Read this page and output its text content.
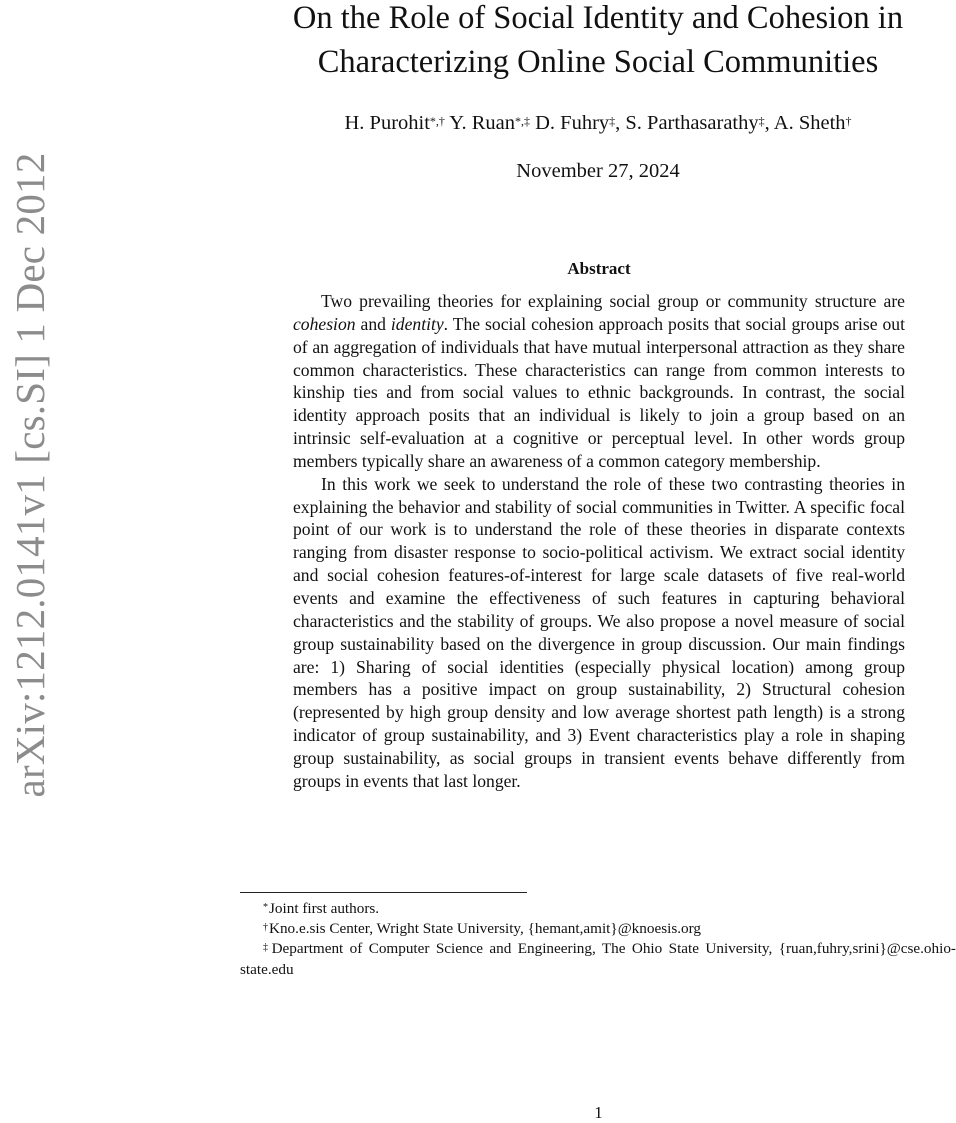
arXiv:1212.0141v1 [cs.SI] 1 Dec 2012
On the Role of Social Identity and Cohesion in
Characterizing Online Social Communities
H. Purohit*,† Y. Ruan*,‡ D. Fuhry‡, S. Parthasarathy‡, A. Sheth†
November 27, 2024
Abstract

Two prevailing theories for explaining social group or community structure are cohesion and identity. The social cohesion approach posits that social groups arise out of an aggregation of individuals that have mutual interpersonal attraction as they share common characteristics. These characteristics can range from common interests to kinship ties and from social values to ethnic backgrounds. In contrast, the social identity approach posits that an individual is likely to join a group based on an intrinsic self-evaluation at a cognitive or perceptual level. In other words group members typically share an awareness of a common category membership.

In this work we seek to understand the role of these two contrasting theories in explaining the behavior and stability of social communities in Twitter. A specific focal point of our work is to understand the role of these theories in disparate contexts ranging from disaster response to socio-political activism. We extract social identity and social cohesion features-of-interest for large scale datasets of five real-world events and examine the effectiveness of such features in capturing behavioral characteristics and the stability of groups. We also propose a novel measure of social group sustainability based on the divergence in group discussion. Our main findings are: 1) Sharing of social identities (especially physical location) among group members has a positive impact on group sustainability, 2) Structural cohesion (represented by high group density and low average shortest path length) is a strong indicator of group sustainability, and 3) Event characteristics play a role in shaping group sustainability, as social groups in transient events behave differently from groups in events that last longer.

*Joint first authors.
†Kno.e.sis Center, Wright State University, {hemant,amit}@knoesis.org
‡Department of Computer Science and Engineering, The Ohio State University, {ruan,fuhry,srini}@cse.ohio-state.edu
1
